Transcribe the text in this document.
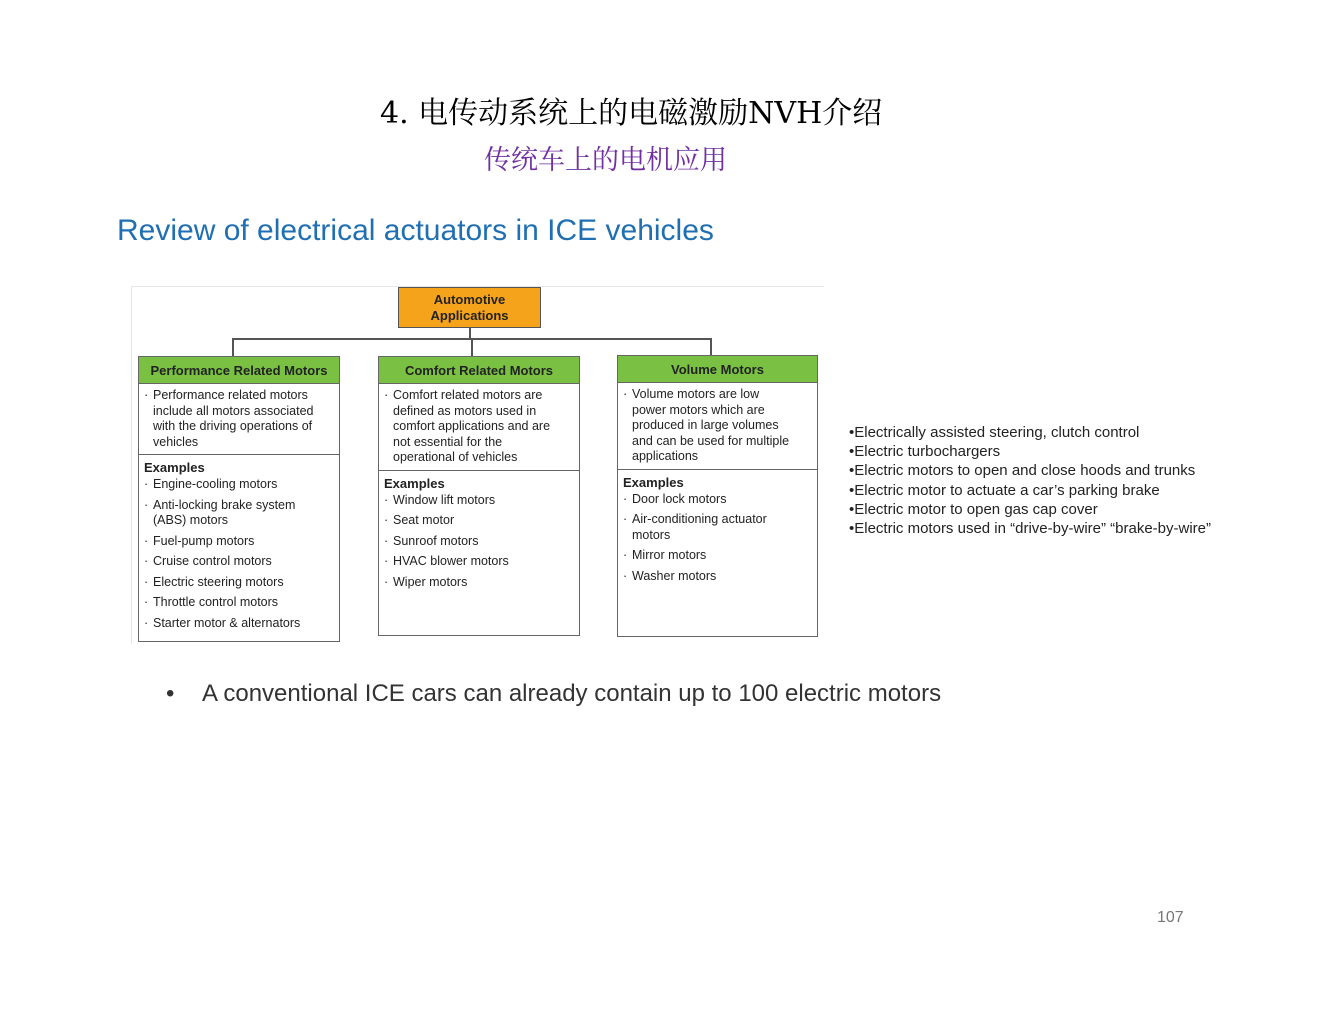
4. 电传动系统上的电磁激励NVH介绍
传统车上的电机应用
Review of electrical actuators in ICE vehicles
Automotive
Applications
Performance Related Motors
· Performance related motors
include all motors associated
with the driving operations of
vehicles
Examples
· Engine-cooling motors
· Anti-locking brake system
(ABS) motors
· Fuel-pump motors
· Cruise control motors
· Electric steering motors
· Throttle control motors
· Starter motor & alternators
Comfort Related Motors
· Comfort related motors are
defined as motors used in
comfort applications and are
not essential for the
operational of vehicles
Examples
· Window lift motors
· Seat motor
· Sunroof motors
· HVAC blower motors
· Wiper motors
Volume Motors
· Volume motors are low
power motors which are
produced in large volumes
and can be used for multiple
applications
Examples
· Door lock motors
· Air-conditioning actuator
motors
· Mirror motors
· Washer motors
•Electrically assisted steering, clutch control
•Electric turbochargers
•Electric motors to open and close hoods and trunks
•Electric motor to actuate a car’s parking brake
•Electric motor to open gas cap cover
•Electric motors used in “drive-by-wire” “brake-by-wire”
• A conventional ICE cars can already contain up to 100 electric motors
107
